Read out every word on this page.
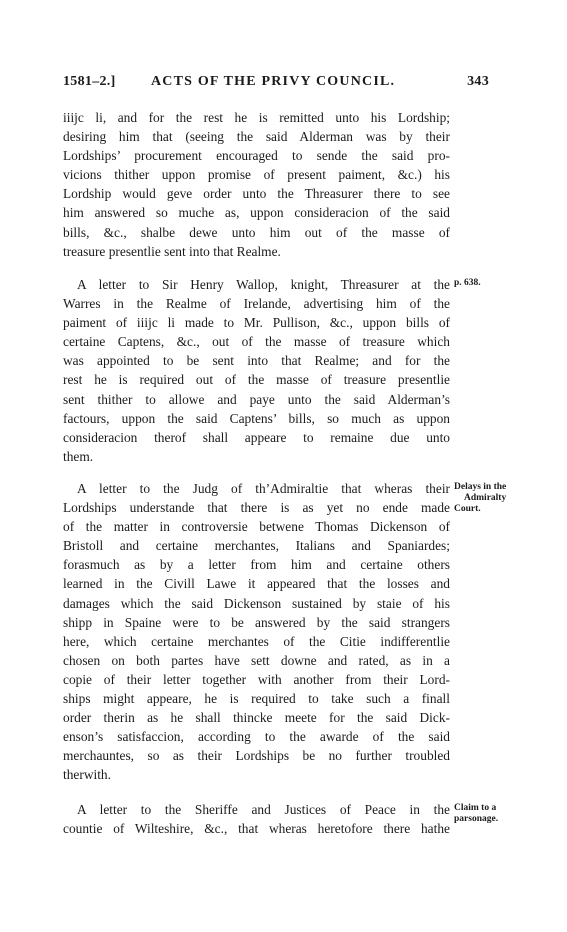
1581–2.]	ACTS OF THE PRIVY COUNCIL.	343
iiijc li, and for the rest he is remitted unto his Lordship;
desiring him that (seeing the said Alderman was by their
Lordships’ procurement encouraged to sende the said pro-
vicions thither uppon promise of present paiment, &c.) his
Lordship would geve order unto the Threasurer there to see
him answered so muche as, uppon consideracion of the said
bills, &c., shalbe dewe unto him out of the masse of
treasure presentlie sent into that Realme.
A letter to Sir Henry Wallop, knight, Threasurer at the
Warres in the Realme of Irelande, advertising him of the
paiment of iiijc li made to Mr. Pullison, &c., uppon bills of
certaine Captens, &c., out of the masse of treasure which
was appointed to be sent into that Realme; and for the
rest he is required out of the masse of treasure presentlie
sent thither to allowe and paye unto the said Alderman’s
factours, uppon the said Captens’ bills, so much as uppon
consideracion therof shall appeare to remaine due unto
them.
A letter to the Judg of th’Admiraltie that wheras their
Lordships understande that there is as yet no ende made
of the matter in controversie betwene Thomas Dickenson of
Bristoll and certaine merchantes, Italians and Spaniardes;
forasmuch as by a letter from him and certaine others
learned in the Civill Lawe it appeared that the losses and
damages which the said Dickenson sustained by staie of his
shipp in Spaine were to be answered by the said strangers
here, which certaine merchantes of the Citie indifferentlie
chosen on both partes have sett downe and rated, as in a
copie of their letter together with another from their Lord-
ships might appeare, he is required to take such a finall
order therin as he shall thincke meete for the said Dick-
enson’s satisfaccion, according to the awarde of the said
merchauntes, so as their Lordships be no further troubled
therwith.
A letter to the Sheriffe and Justices of Peace in the
countie of Wilteshire, &c., that wheras heretofore there hathe
p. 638.
Delays in the
Admiralty
Court.
Claim to a
parsonage.
